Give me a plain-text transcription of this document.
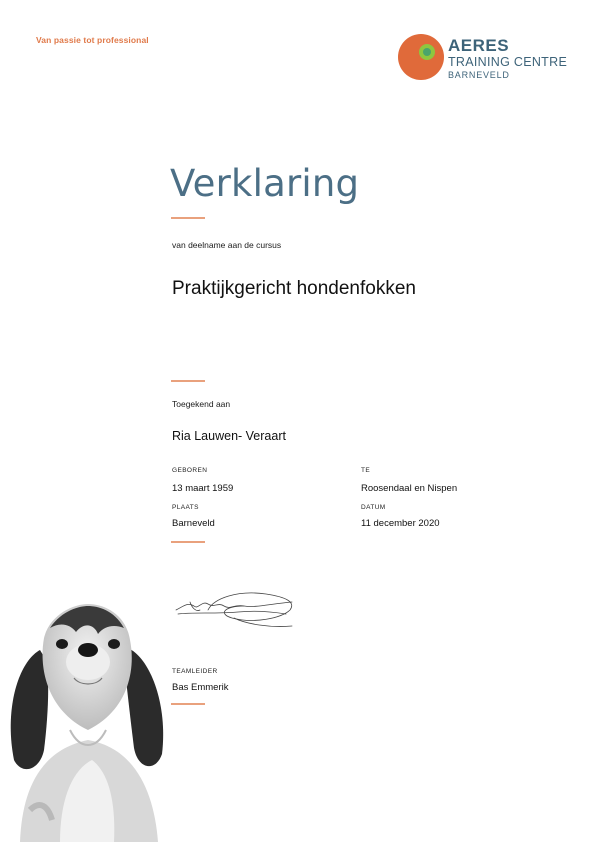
Van passie tot professional	AERES
TRAINING CENTRE
BARNEVELD
Verklaring
van deelname aan de cursus
Praktijkgericht hondenfokken
Toegekend aan
Ria Lauwen- Veraart
GEBOREN
13 maart 1959
TE
Roosendaal en Nispen
PLAATS
Barneveld
DATUM
11 december 2020
TEAMLEIDER
Bas Emmerik
